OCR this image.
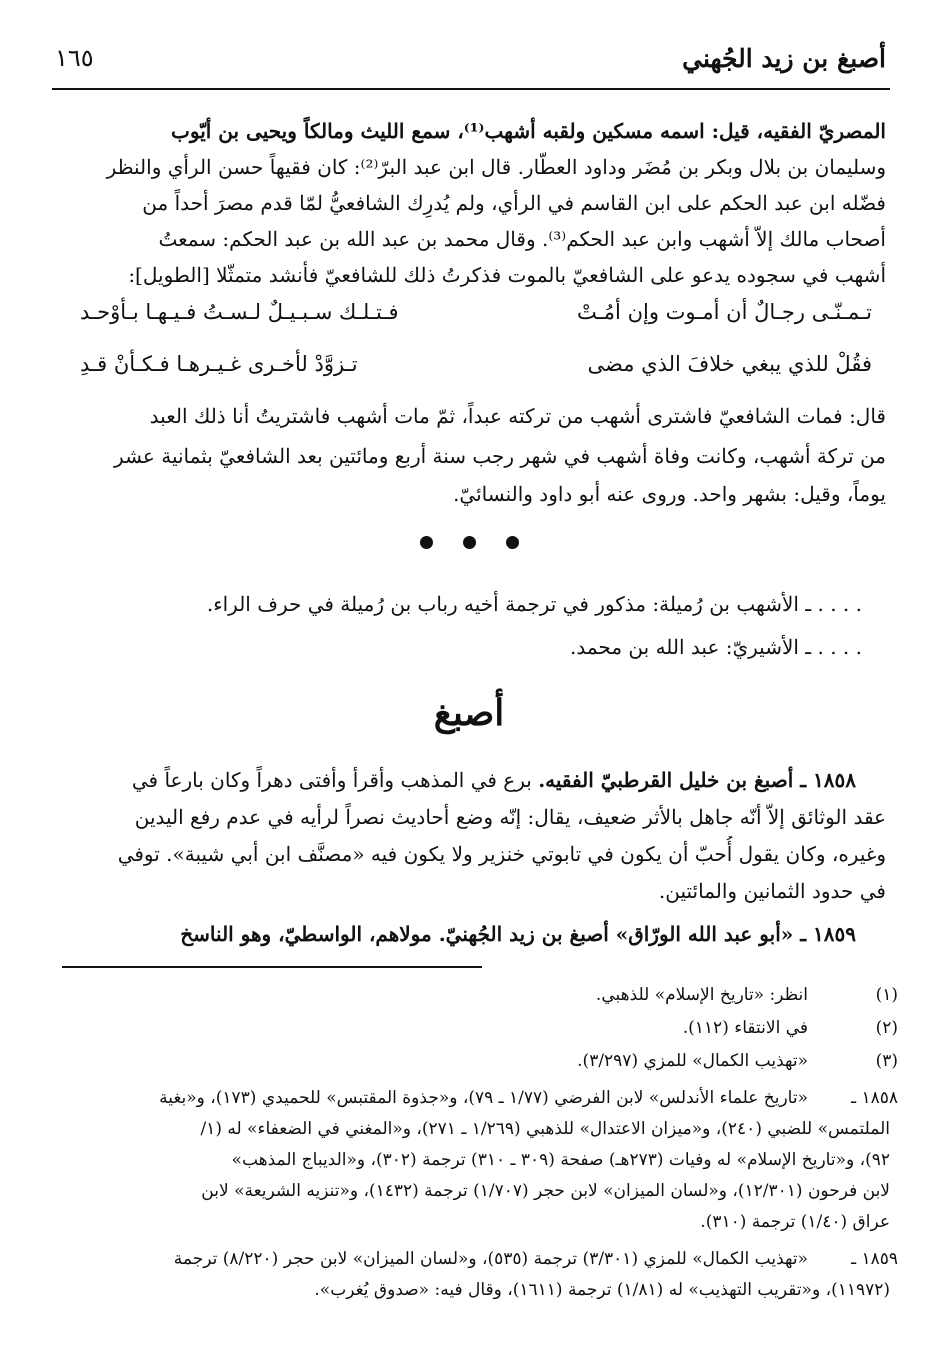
أصبغ بن زيد الجُهني
١٦٥
المصريّ الفقيه، قيل: اسمه مسكين ولقبه أشهب⁽¹⁾، سمع الليث ومالكاً ويحيى بن أيّوب
وسليمان بن بلال وبكر بن مُضَر وداود العطّار. قال ابن عبد البرّ⁽²⁾: كان فقيهاً حسن الرأي والنظر
فضّله ابن عبد الحكم على ابن القاسم في الرأي، ولم يُدرِك الشافعيُّ لمّا قدم مصرَ أحداً من
أصحاب مالك إلاّ أشهب وابن عبد الحكم⁽³⁾. وقال محمد بن عبد الله بن عبد الحكم: سمعتُ
أشهب في سجوده يدعو على الشافعيّ بالموت فذكرتُ ذلك للشافعيّ فأنشد متمثّلا [الطويل]:
تـمـنّـى رجـالٌ أن أمـوت وإن أمُـتْ
فـتـلـك سـبـيـلٌ لـسـتُ فـيـهـا بـأوْحـد
فقُلْ للذي يبغي خلافَ الذي مضى
تـزوَّدْ لأخـرى غـيـرهـا فـكـأنْ قـدِ
قال: فمات الشافعيّ فاشترى أشهب من تركته عبداً، ثمّ مات أشهب فاشتريتُ أنا ذلك العبد
من تركة أشهب، وكانت وفاة أشهب في شهر رجب سنة أربع ومائتين بعد الشافعيّ بثمانية عشر
يوماً، وقيل: بشهر واحد. وروى عنه أبو داود والنسائيّ.
. . . . ـ الأشهب بن رُميلة: مذكور في ترجمة أخيه رباب بن رُميلة في حرف الراء.
. . . . ـ الأشيريّ: عبد الله بن محمد.
أصبغ
١٨٥٨ ـ أصبغ بن خليل القرطبيّ الفقيه. برع في المذهب وأقرأ وأفتى دهراً وكان بارعاً في
عقد الوثائق إلاّ أنّه جاهل بالأثر ضعيف، يقال: إنّه وضع أحاديث نصراً لرأيه في عدم رفع اليدين
وغيره، وكان يقول أُحبّ أن يكون في تابوتي خنزير ولا يكون فيه «مصنَّف ابن أبي شيبة». توفي
في حدود الثمانين والمائتين.
١٨٥٩ ـ «أبو عبد الله الورّاق» أصبغ بن زيد الجُهنيّ. مولاهم، الواسطيّ، وهو الناسخ
(١)
انظر: «تاريخ الإسلام» للذهبي.
(٢)
في الانتقاء (١١٢).
(٣)
«تهذيب الكمال» للمزي (٣/٢٩٧).
١٨٥٨ ـ
«تاريخ علماء الأندلس» لابن الفرضي (١/٧٧ ـ ٧٩)، و«جذوة المقتبس» للحميدي (١٧٣)، و«بغية
الملتمس» للضبي (٢٤٠)، و«ميزان الاعتدال» للذهبي (١/٢٦٩ ـ ٢٧١)، و«المغني في الضعفاء» له (١/
٩٢)، و«تاريخ الإسلام» له وفيات (٢٧٣هـ) صفحة (٣٠٩ ـ ٣١٠) ترجمة (٣٠٢)، و«الديباج المذهب»
لابن فرحون (١٢/٣٠١)، و«لسان الميزان» لابن حجر (١/٧٠٧) ترجمة (١٤٣٢)، و«تنزيه الشريعة» لابن
عراق (١/٤٠) ترجمة (٣١٠).
١٨٥٩ ـ
«تهذيب الكمال» للمزي (٣/٣٠١) ترجمة (٥٣٥)، و«لسان الميزان» لابن حجر (٨/٢٢٠) ترجمة
(١١٩٧٢)، و«تقريب التهذيب» له (١/٨١) ترجمة (١٦١١)، وقال فيه: «صدوق يُغرب».
